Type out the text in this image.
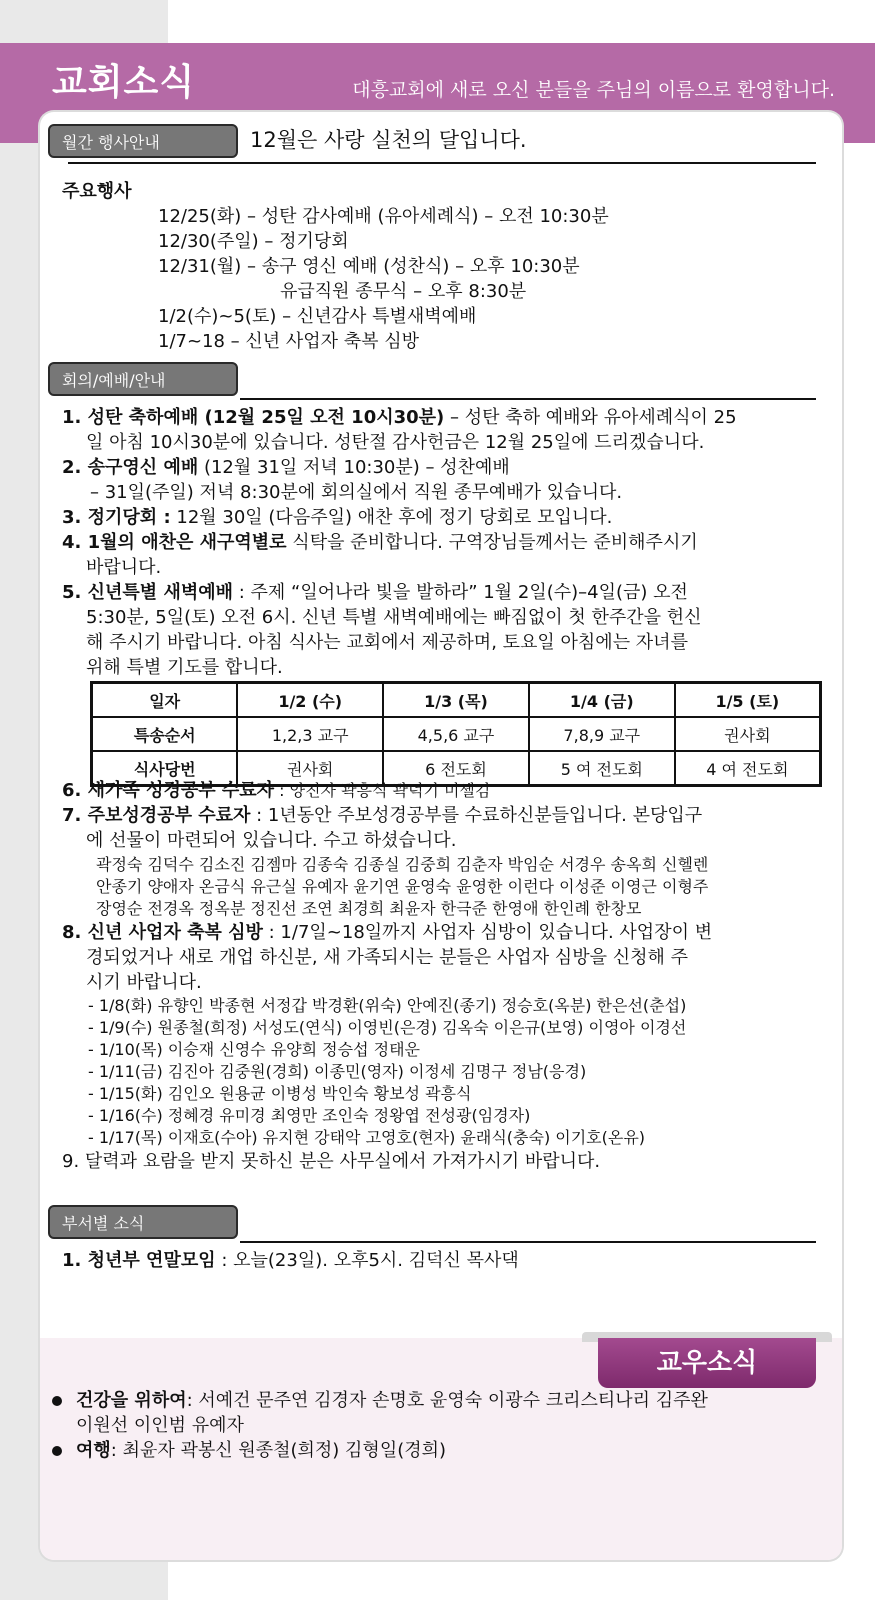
교회소식	대흥교회에 새로 오신 분들을 주님의 이름으로 환영합니다.
월간 행사안내	12월은 사랑 실천의 달입니다.
주요행사
12/25(화) – 성탄 감사예배 (유아세례식) – 오전 10:30분
12/30(주일) – 정기당회
12/31(월) – 송구 영신 예배 (성찬식) – 오후 10:30분
유급직원 종무식 – 오후 8:30분
1/2(수)~5(토) – 신년감사 특별새벽예배
1/7~18 – 신년 사업자 축복 심방
회의/예배/안내
1. 성탄 축하예배 (12월 25일 오전 10시30분) – 성탄 축하 예배와 유아세례식이 25
일 아침 10시30분에 있습니다. 성탄절 감사헌금은 12월 25일에 드리겠습니다.
2. 송구영신 예배 (12월 31일 저녁 10:30분) – 성찬예배
– 31일(주일) 저녁 8:30분에 회의실에서 직원 종무예배가 있습니다.
3. 정기당회 : 12월 30일 (다음주일) 애찬 후에 정기 당회로 모입니다.
4. 1월의 애찬은 새구역별로 식탁을 준비합니다. 구역장님들께서는 준비해주시기
바랍니다.
5. 신년특별 새벽예배 : 주제 “일어나라 빛을 발하라” 1월 2일(수)–4일(금) 오전
5:30분, 5일(토) 오전 6시. 신년 특별 새벽예배에는 빠짐없이 첫 한주간을 헌신
해 주시기 바랍니다. 아침 식사는 교회에서 제공하며, 토요일 아침에는 자녀를
위해 특별 기도를 합니다.
일자	1/2 (수)	1/3 (목)	1/4 (금)	1/5 (토)
특송순서	1,2,3 교구	4,5,6 교구	7,8,9 교구	권사회
식사당번	권사회	6 전도회	5 여 전도회	4 여 전도회
6. 새가족 성경공부 수료자 : 양진자 곽흥식 곽덕기 미셸김
7. 주보성경공부 수료자 : 1년동안 주보성경공부를 수료하신분들입니다. 본당입구
에 선물이 마련되어 있습니다. 수고 하셨습니다.
곽정숙 김덕수 김소진 김젬마 김종숙 김종실 김중희 김춘자 박임순 서경우 송옥희 신헬렌
안종기 양애자 온금식 유근실 유예자 윤기연 윤영숙 윤영한 이런다 이성준 이영근 이형주
장영순 전경옥 정옥분 정진선 조연 최경희 최윤자 한극준 한영애 한인례 한창모
8. 신년 사업자 축복 심방 : 1/7일~18일까지 사업자 심방이 있습니다. 사업장이 변
경되었거나 새로 개업 하신분, 새 가족되시는 분들은 사업자 심방을 신청해 주
시기 바랍니다.
- 1/8(화) 유향인 박종현 서정갑 박경환(위숙) 안예진(종기) 정승호(옥분) 한은선(춘섭)
- 1/9(수) 원종철(희정) 서성도(연식) 이영빈(은경) 김옥숙 이은규(보영) 이영아 이경선
- 1/10(목) 이승재 신영수 유양희 정승섭 정태운
- 1/11(금) 김진아 김중원(경희) 이종민(영자) 이정세 김명구 정남(응경)
- 1/15(화) 김인오 원용균 이병성 박인숙 황보성 곽흥식
- 1/16(수) 정혜경 유미경 최영만 조인숙 정왕엽 전성광(임경자)
- 1/17(목) 이재호(수아) 유지현 강태악 고영호(현자) 윤래식(충숙) 이기호(온유)
9. 달력과 요람을 받지 못하신 분은 사무실에서 가져가시기 바랍니다.
부서별 소식
1. 청년부 연말모임 : 오늘(23일). 오후5시. 김덕신 목사댁
교우소식
건강을 위하여: 서예건 문주연 김경자 손명호 윤영숙 이광수 크리스티나리 김주완
이원선 이인범 유예자
여행: 최윤자 곽봉신 원종철(희정) 김형일(경희)
